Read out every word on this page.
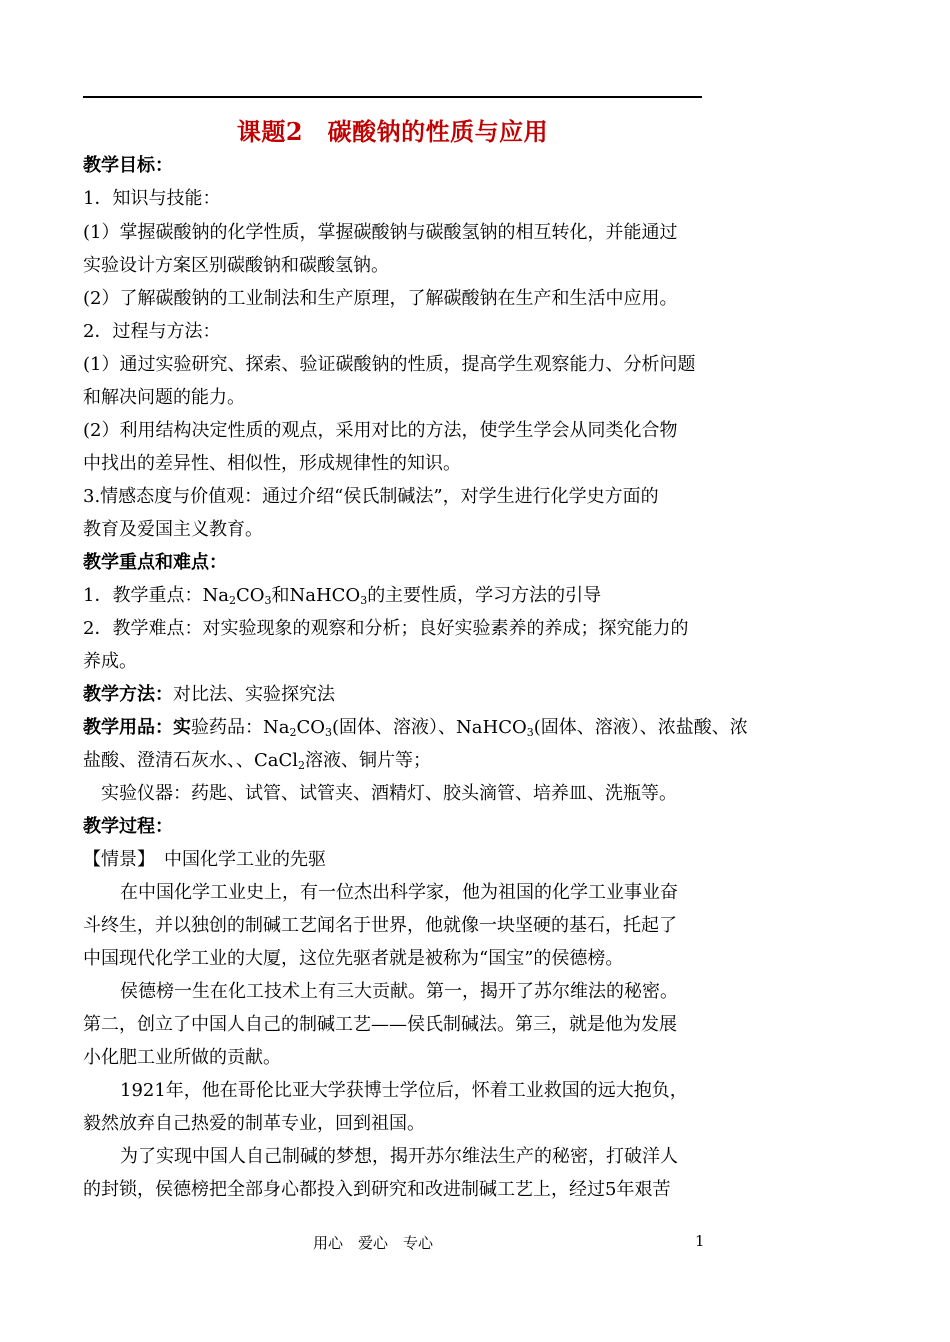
课题2　碳酸钠的性质与应用
教学目标：
1．知识与技能：
(1）掌握碳酸钠的化学性质，掌握碳酸钠与碳酸氢钠的相互转化，并能通过
实验设计方案区别碳酸钠和碳酸氢钠。
(2）了解碳酸钠的工业制法和生产原理，了解碳酸钠在生产和生活中应用。
2．过程与方法：
(1）通过实验研究、探索、验证碳酸钠的性质，提高学生观察能力、分析问题
和解决问题的能力。
(2）利用结构决定性质的观点，采用对比的方法，使学生学会从同类化合物
中找出的差异性、相似性，形成规律性的知识。
3.情感态度与价值观：通过介绍“侯氏制碱法”，对学生进行化学史方面的
教育及爱国主义教育。
教学重点和难点：
1．教学重点：$Na_2CO_3$和NaHCO$_3$的主要性质，学习方法的引导
2．教学难点：对实验现象的观察和分析；良好实验素养的养成；探究能力的
养成。
教学方法：对比法、实验探究法
教学用品：实验药品：$Na_2CO_3$(固体、溶液）、NaHCO$_3$(固体、溶液）、浓盐酸、浓
盐酸、澄清石灰水、、CaCl$_2$溶液、铜片等；
实验仪器：药匙、试管、试管夹、酒精灯、胶头滴管、培养皿、洗瓶等。
教学过程：
【情景】　中国化学工业的先驱
在中国化学工业史上，有一位杰出科学家，他为祖国的化学工业事业奋
斗终生，并以独创的制碱工艺闻名于世界，他就像一块坚硬的基石，托起了
中国现代化学工业的大厦，这位先驱者就是被称为“国宝”的侯德榜。
侯德榜一生在化工技术上有三大贡献。第一，揭开了苏尔维法的秘密。
第二，创立了中国人自己的制碱工艺——侯氏制碱法。第三，就是他为发展
小化肥工业所做的贡献。
1921年，他在哥伦比亚大学获博士学位后，怀着工业救国的远大抱负，
毅然放弃自己热爱的制革专业，回到祖国。
为了实现中国人自己制碱的梦想，揭开苏尔维法生产的秘密，打破洋人
的封锁，侯德榜把全部身心都投入到研究和改进制碱工艺上，经过5年艰苦
用心　爱心　专心	1
